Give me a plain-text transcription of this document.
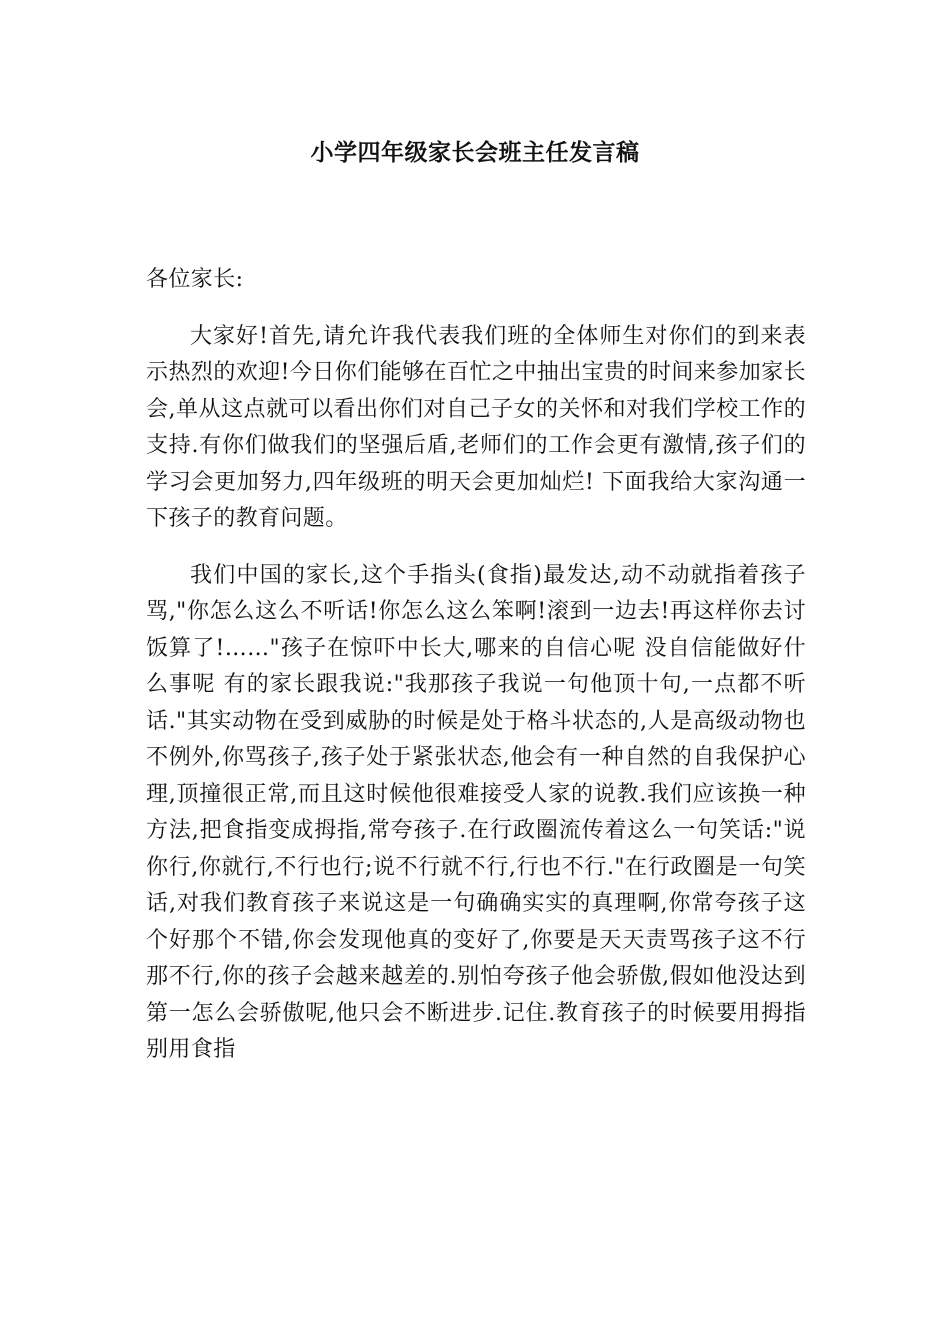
小学四年级家长会班主任发言稿

各位家长:

大家好!首先,请允许我代表我们班的全体师生对你们的到来表示热烈的欢迎!今日你们能够在百忙之中抽出宝贵的时间来参加家长会,单从这点就可以看出你们对自己子女的关怀和对我们学校工作的支持.有你们做我们的坚强后盾,老师们的工作会更有激情,孩子们的学习会更加努力,四年级班的明天会更加灿烂! 下面我给大家沟通一下孩子的教育问题。

我们中国的家长,这个手指头(食指)最发达,动不动就指着孩子骂,"你怎么这么不听话!你怎么这么笨啊!滚到一边去!再这样你去讨饭算了!……"孩子在惊吓中长大,哪来的自信心呢 没自信能做好什么事呢 有的家长跟我说:"我那孩子我说一句他顶十句,一点都不听话."其实动物在受到威胁的时候是处于格斗状态的,人是高级动物也不例外,你骂孩子,孩子处于紧张状态,他会有一种自然的自我保护心理,顶撞很正常,而且这时候他很难接受人家的说教.我们应该换一种方法,把食指变成拇指,常夸孩子.在行政圈流传着这么一句笑话:"说你行,你就行,不行也行;说不行就不行,行也不行."在行政圈是一句笑话,对我们教育孩子来说这是一句确确实实的真理啊,你常夸孩子这个好那个不错,你会发现他真的变好了,你要是天天责骂孩子这不行那不行,你的孩子会越来越差的.别怕夸孩子他会骄傲,假如他没达到第一怎么会骄傲呢,他只会不断进步.记住.教育孩子的时候要用拇指别用食指
